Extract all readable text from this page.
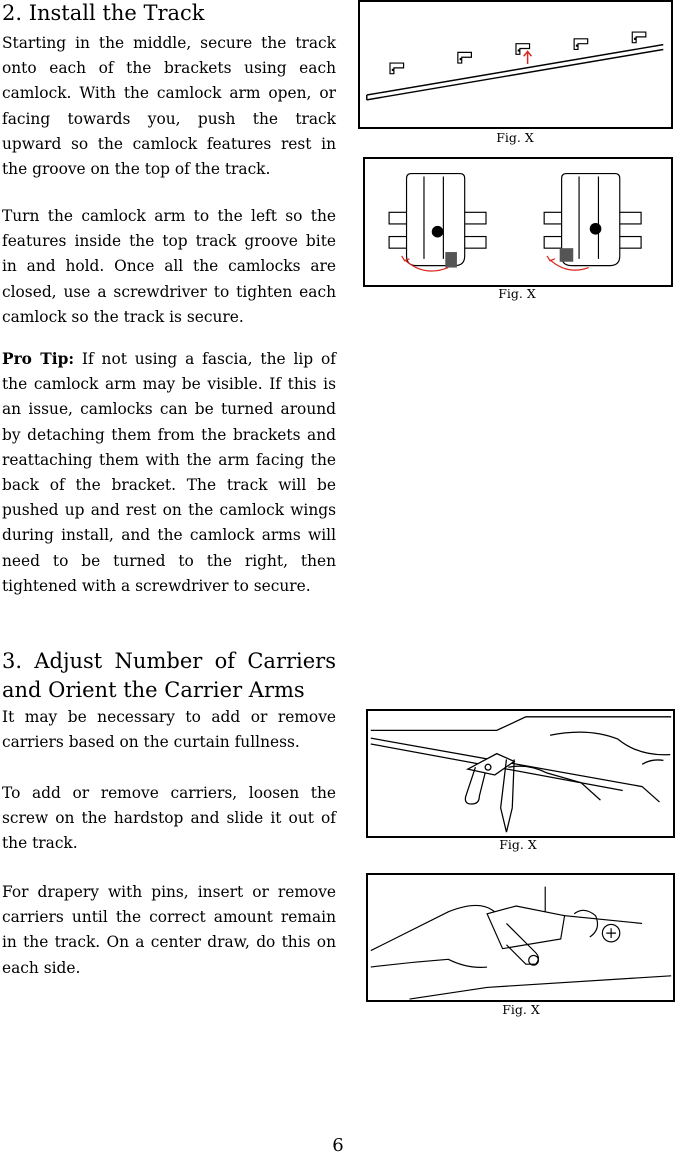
2. Install the Track

Starting in the middle, secure the track onto each of the brackets using each camlock. With the camlock arm open, or facing towards you, push the track upward so the camlock features rest in the groove on the top of the track.

Turn the camlock arm to the left so the features inside the top track groove bite in and hold. Once all the camlocks are closed, use a screwdriver to tighten each camlock so the track is secure.

Pro Tip: If not using a fascia, the lip of the camlock arm may be visible. If this is an issue, camlocks can be turned around by detaching them from the brackets and reattaching them with the arm facing the back of the bracket. The track will be pushed up and rest on the camlock wings during install, and the camlock arms will need to be turned to the right, then tightened with a screwdriver to secure.

3. Adjust Number of Carriers and Orient the Carrier Arms

It may be necessary to add or remove carriers based on the curtain fullness.

To add or remove carriers, loosen the screw on the hardstop and slide it out of the track.

For drapery with pins, insert or remove carriers until the correct amount remain in the track. On a center draw, do this on each side.

Fig. X
Fig. X
Fig. X
Fig. X
6
